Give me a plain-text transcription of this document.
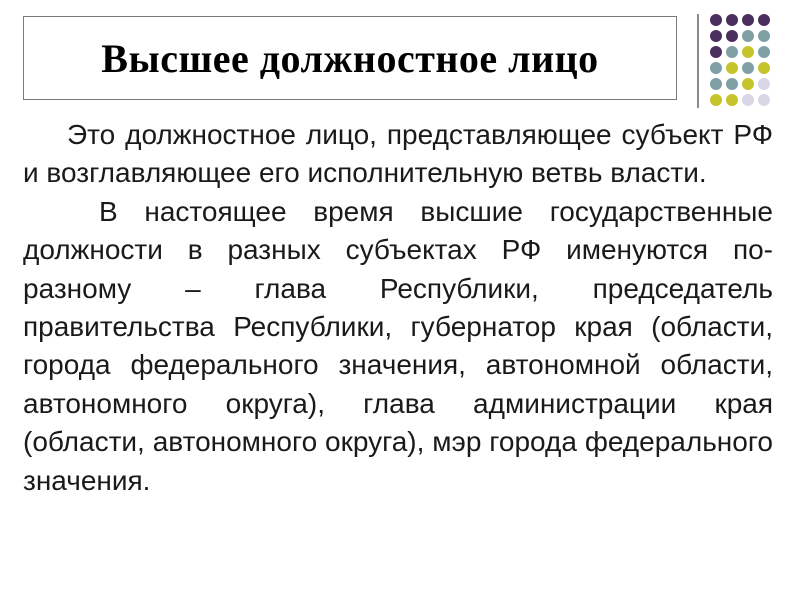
Высшее должностное лицо

Это должностное лицо, представляющее субъект РФ и возглавляющее его исполнительную ветвь власти.

В настоящее время высшие государственные должности в разных субъектах РФ именуются по-разному – глава Республики, председатель правительства Республики, губернатор края (области, города федерального значения, автономной области, автономного округа), глава администрации края (области, автономного округа), мэр города федерального значения.
